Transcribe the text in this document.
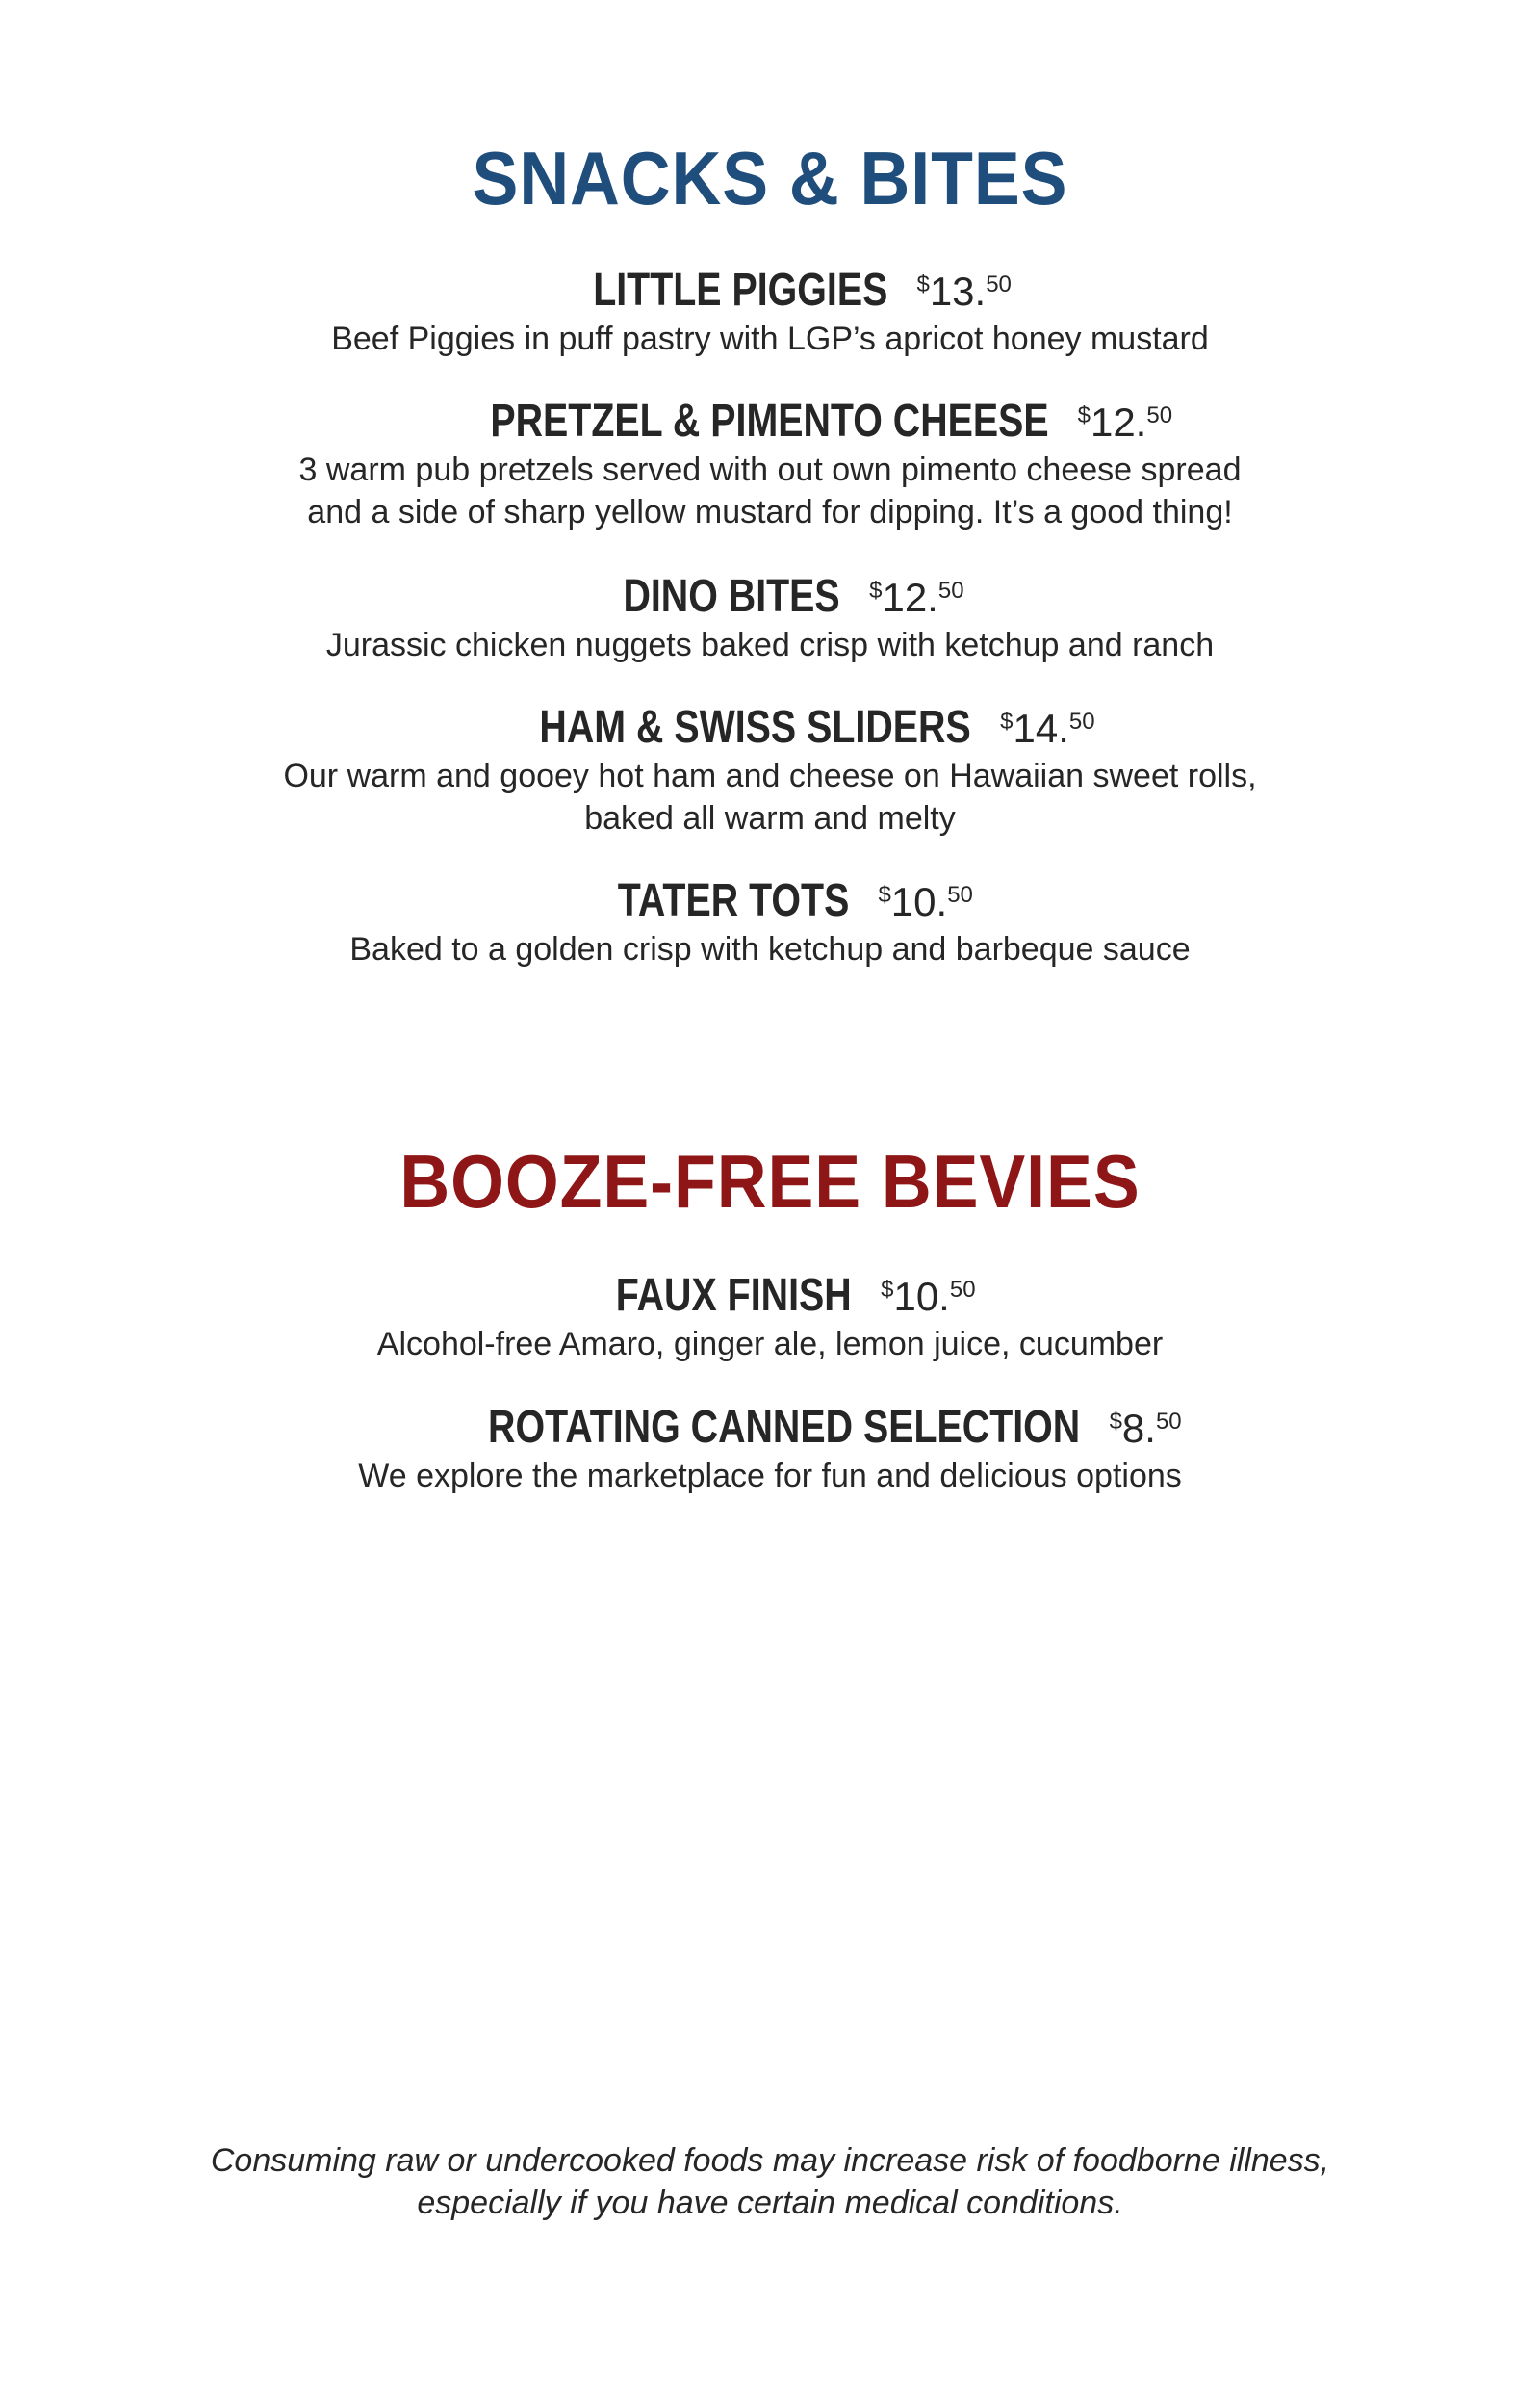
SNACKS & BITES
LITTLE PIGGIES $ 13. 50

Beef Piggies in puff pastry with LGP’s apricot honey mustard

PRETZEL & PIMENTO CHEESE $ 12. 50

3 warm pub pretzels served with out own pimento cheese spread

and a side of sharp yellow mustard for dipping. It’s a good thing!

DINO BITES $ 12. 50

Jurassic chicken nuggets baked crisp with ketchup and ranch

HAM & SWISS SLIDERS $ 14. 50

Our warm and gooey hot ham and cheese on Hawaiian sweet rolls,

baked all warm and melty

TATER TOTS $ 10. 50

Baked to a golden crisp with ketchup and barbeque sauce

BOOZE-FREE BEVIES
FAUX FINISH $ 10. 50

Alcohol-free Amaro, ginger ale, lemon juice, cucumber

ROTATING CANNED SELECTION $ 8. 50

We explore the marketplace for fun and delicious options

Consuming raw or undercooked foods may increase risk of foodborne illness,
especially if you have certain medical conditions.
